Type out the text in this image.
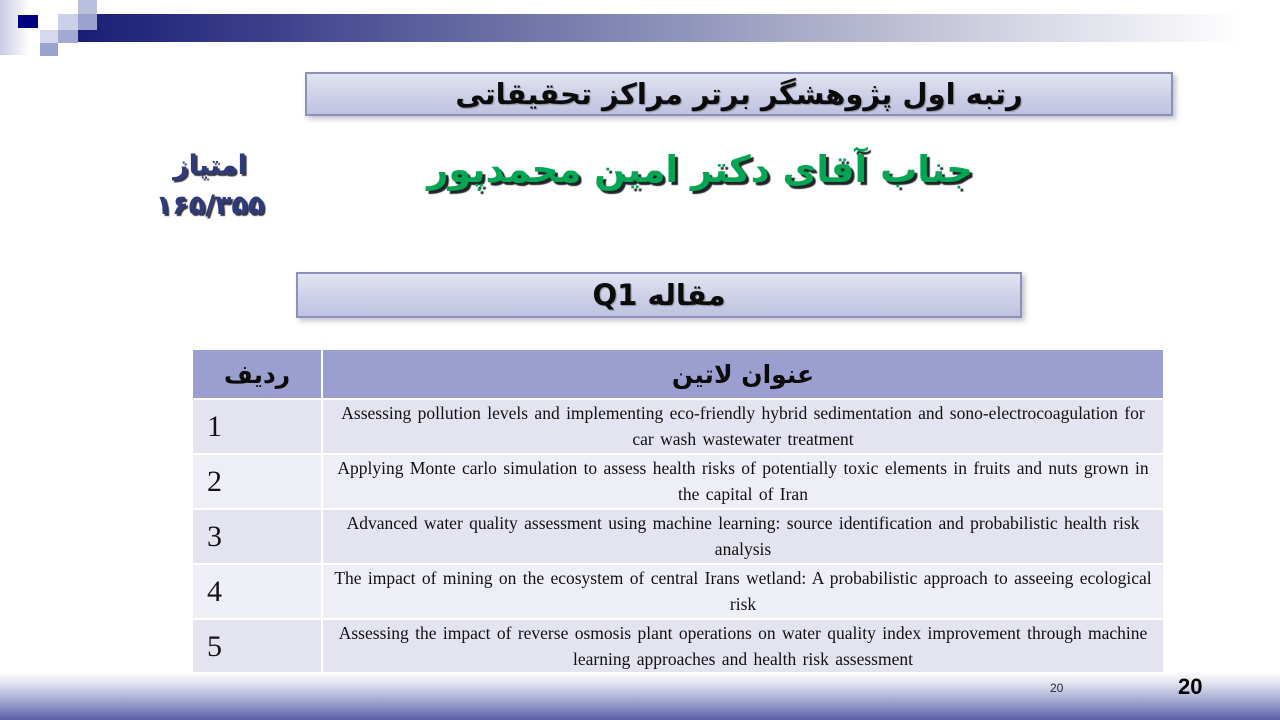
رتبه اول پژوهشگر برتر مراکز تحقیقاتی
امتیاز
۱۶۵/۳۵۵
جناب آقای دکتر امین محمدپور
مقاله Q1
ردیف	عنوان لاتین
1	Assessing pollution levels and implementing eco-friendly hybrid sedimentation and sono-electrocoagulation for car wash wastewater treatment
2	Applying Monte carlo simulation to assess health risks of potentially toxic elements in fruits and nuts grown in the capital of Iran
3	Advanced water quality assessment using machine learning: source identification and probabilistic health risk analysis
4	The impact of mining on the ecosystem of central Irans wetland: A probabilistic approach to asseeing ecological risk
5	Assessing the impact of reverse osmosis plant operations on water quality index improvement through machine learning approaches and health risk assessment
20	20
